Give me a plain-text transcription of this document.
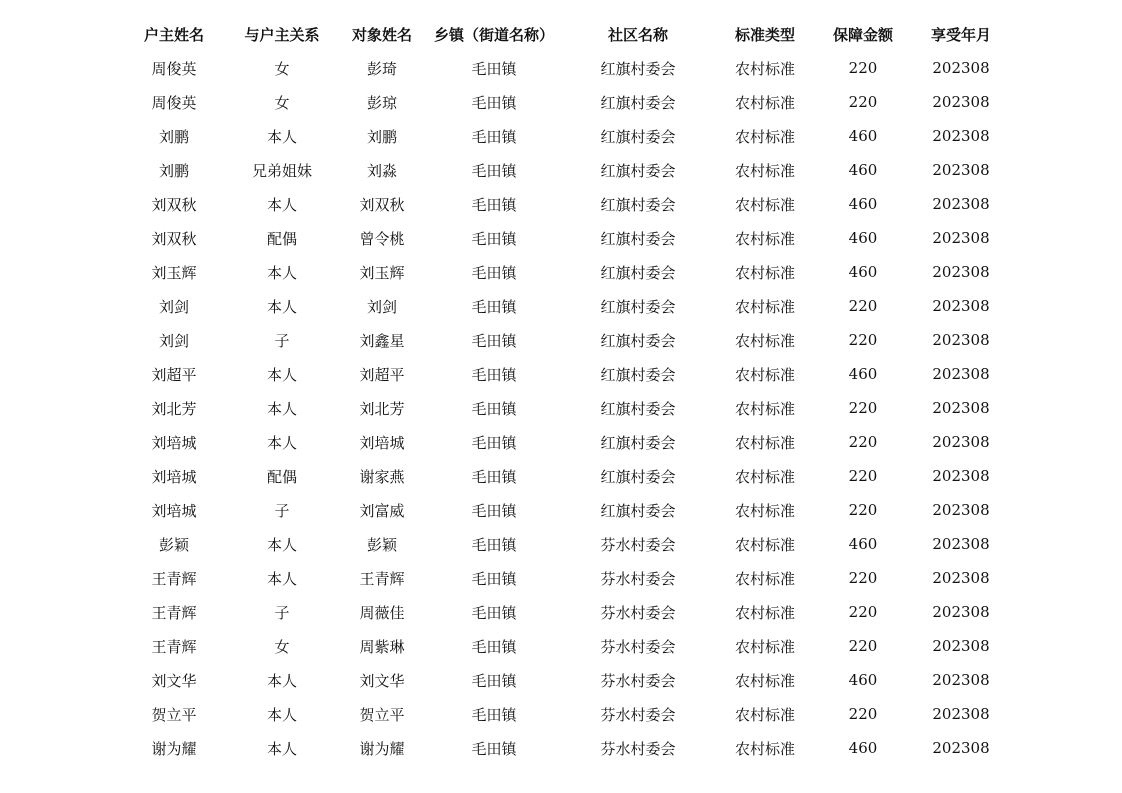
户主姓名	与户主关系	对象姓名	乡镇（街道名称）	社区名称	标准类型	保障金额	享受年月
周俊英	女	彭琦	毛田镇	红旗村委会	农村标准	220	202308
周俊英	女	彭琼	毛田镇	红旗村委会	农村标准	220	202308
刘鹏	本人	刘鹏	毛田镇	红旗村委会	农村标准	460	202308
刘鹏	兄弟姐妹	刘淼	毛田镇	红旗村委会	农村标准	460	202308
刘双秋	本人	刘双秋	毛田镇	红旗村委会	农村标准	460	202308
刘双秋	配偶	曾令桃	毛田镇	红旗村委会	农村标准	460	202308
刘玉辉	本人	刘玉辉	毛田镇	红旗村委会	农村标准	460	202308
刘剑	本人	刘剑	毛田镇	红旗村委会	农村标准	220	202308
刘剑	子	刘鑫星	毛田镇	红旗村委会	农村标准	220	202308
刘超平	本人	刘超平	毛田镇	红旗村委会	农村标准	460	202308
刘北芳	本人	刘北芳	毛田镇	红旗村委会	农村标准	220	202308
刘培城	本人	刘培城	毛田镇	红旗村委会	农村标准	220	202308
刘培城	配偶	谢家燕	毛田镇	红旗村委会	农村标准	220	202308
刘培城	子	刘富威	毛田镇	红旗村委会	农村标准	220	202308
彭颖	本人	彭颖	毛田镇	芬水村委会	农村标准	460	202308
王青辉	本人	王青辉	毛田镇	芬水村委会	农村标准	220	202308
王青辉	子	周薇佳	毛田镇	芬水村委会	农村标准	220	202308
王青辉	女	周紫琳	毛田镇	芬水村委会	农村标准	220	202308
刘文华	本人	刘文华	毛田镇	芬水村委会	农村标准	460	202308
贺立平	本人	贺立平	毛田镇	芬水村委会	农村标准	220	202308
谢为耀	本人	谢为耀	毛田镇	芬水村委会	农村标准	460	202308
